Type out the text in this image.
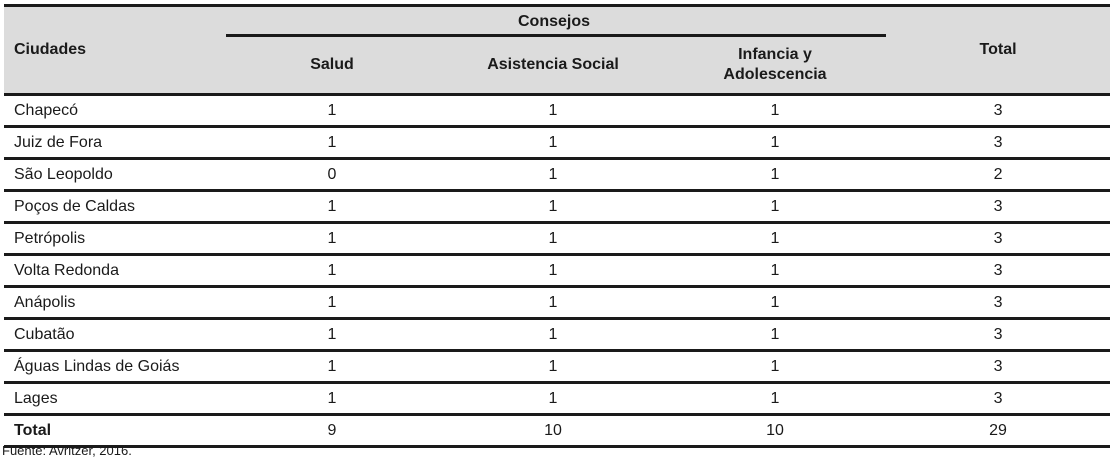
Ciudades	Consejos			Total
	Salud	Asistencia Social	Infancia y Adolescencia	
Chapecó	1	1	1	3
Juiz de Fora	1	1	1	3
São Leopoldo	0	1	1	2
Poços de Caldas	1	1	1	3
Petrópolis	1	1	1	3
Volta Redonda	1	1	1	3
Anápolis	1	1	1	3
Cubatão	1	1	1	3
Águas Lindas de Goiás	1	1	1	3
Lages	1	1	1	3
Total	9	10	10	29
Fuente: Avritzer, 2016.
